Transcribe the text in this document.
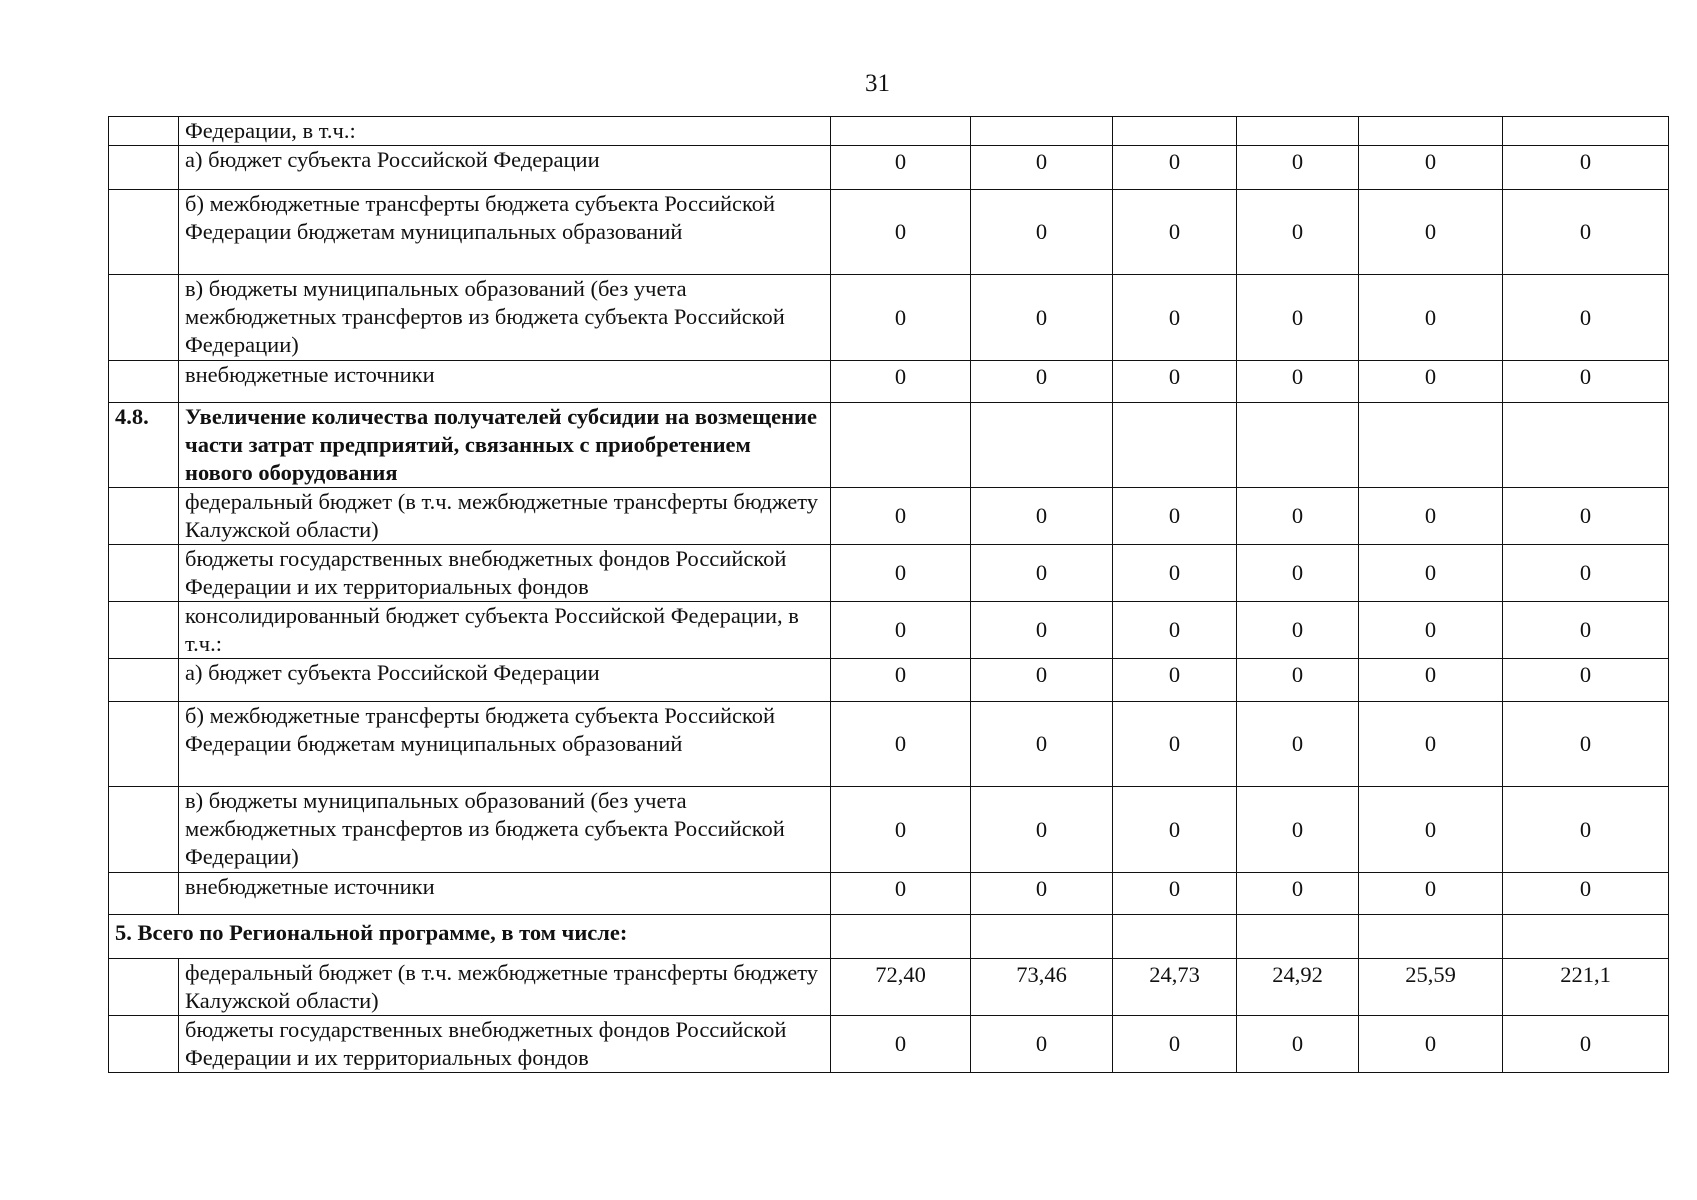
31
	Федерации, в т.ч.:						
	а) бюджет субъекта Российской Федерации	0	0	0	0	0	0
	б) межбюджетные трансферты бюджета субъекта Российской Федерации бюджетам муниципальных образований	0	0	0	0	0	0
	в) бюджеты муниципальных образований (без учета межбюджетных трансфертов из бюджета субъекта Российской Федерации)	0	0	0	0	0	0
	внебюджетные источники	0	0	0	0	0	0
4.8.	Увеличение количества получателей субсидии на возмещение части затрат предприятий, связанных с приобретением нового оборудования						
	федеральный бюджет (в т.ч. межбюджетные трансферты бюджету Калужской области)	0	0	0	0	0	0
	бюджеты государственных внебюджетных фондов Российской Федерации и их территориальных фондов	0	0	0	0	0	0
	консолидированный бюджет субъекта Российской Федерации, в т.ч.:	0	0	0	0	0	0
	а) бюджет субъекта Российской Федерации	0	0	0	0	0	0
	б) межбюджетные трансферты бюджета субъекта Российской Федерации бюджетам муниципальных образований	0	0	0	0	0	0
	в) бюджеты муниципальных образований (без учета межбюджетных трансфертов из бюджета субъекта Российской Федерации)	0	0	0	0	0	0
	внебюджетные источники	0	0	0	0	0	0
5. Всего по Региональной программе, в том числе:							
	федеральный бюджет (в т.ч. межбюджетные трансферты бюджету Калужской области)	72,40	73,46	24,73	24,92	25,59	221,1
	бюджеты государственных внебюджетных фондов Российской Федерации и их территориальных фондов	0	0	0	0	0	0
